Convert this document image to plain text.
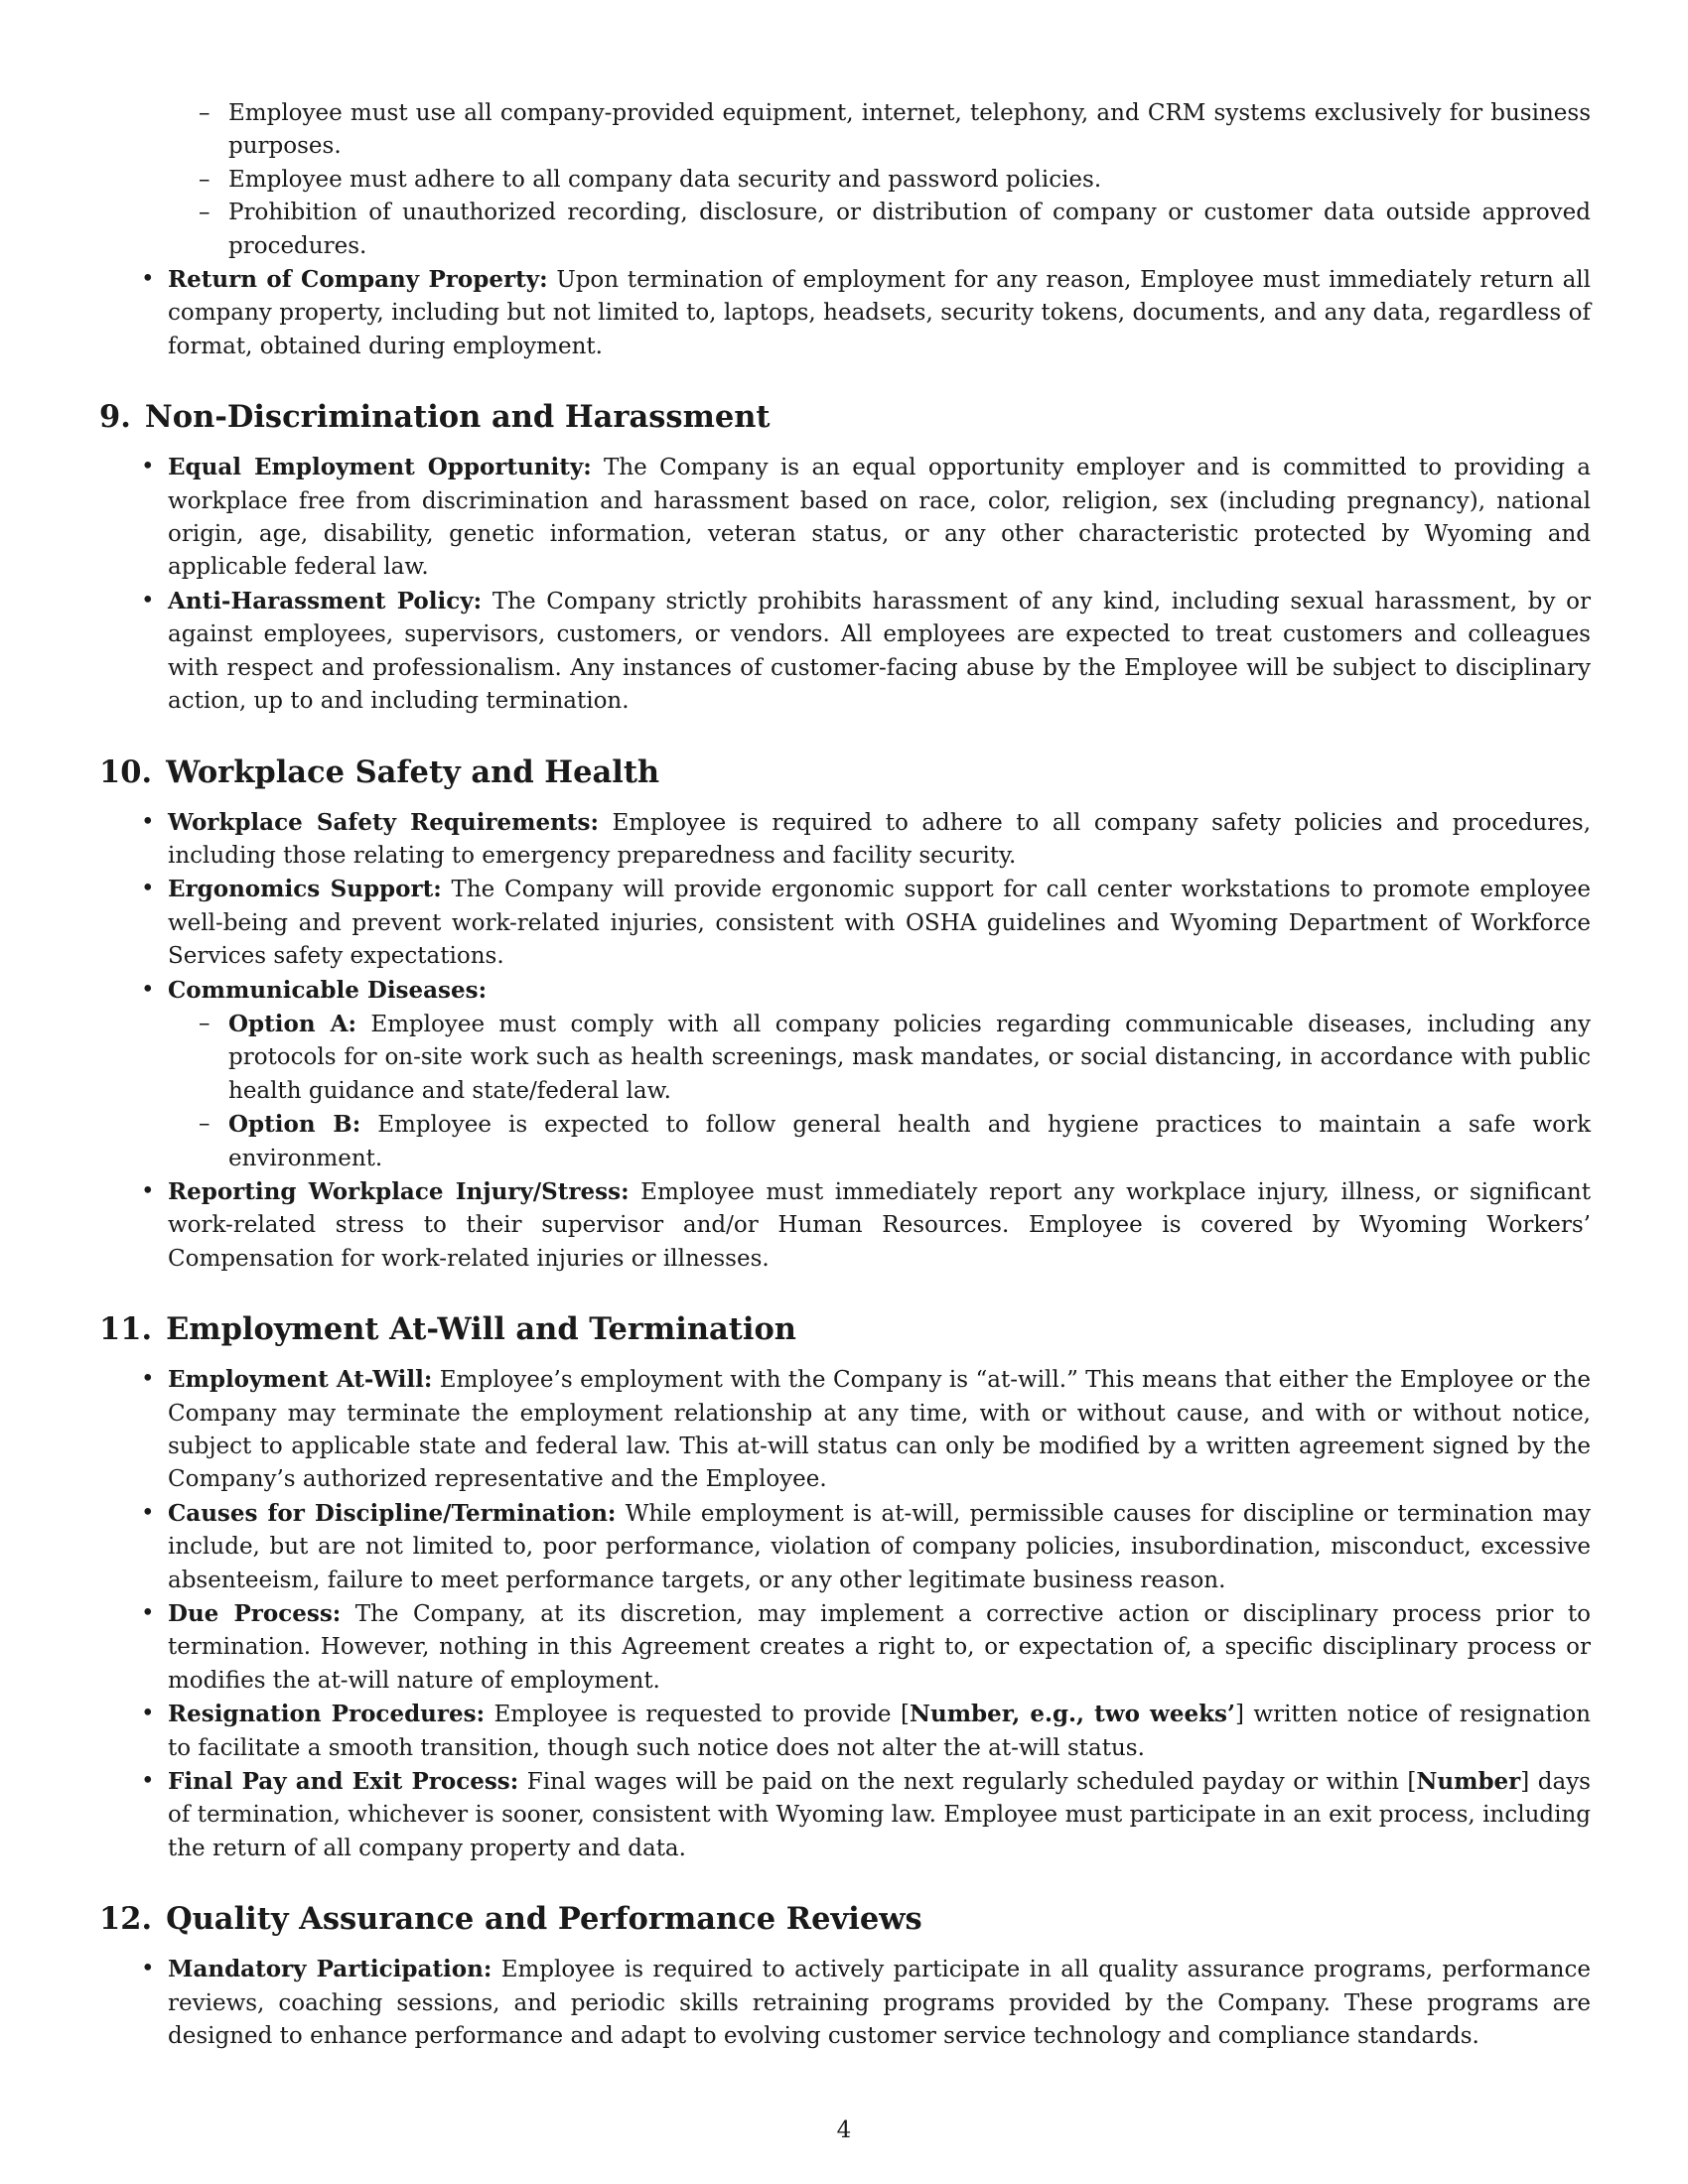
– Employee must use all company-provided equipment, internet, telephony, and CRM systems exclusively for business purposes.
– Employee must adhere to all company data security and password policies.
– Prohibition of unauthorized recording, disclosure, or distribution of company or customer data outside approved procedures.
• Return of Company Property: Upon termination of employment for any reason, Employee must immediately return all company property, including but not limited to, laptops, headsets, security tokens, documents, and any data, regardless of format, obtained during employment.
9. Non-Discrimination and Harassment
• Equal Employment Opportunity: The Company is an equal opportunity employer and is committed to providing a workplace free from discrimination and harassment based on race, color, religion, sex (including pregnancy), national origin, age, disability, genetic information, veteran status, or any other characteristic protected by Wyoming and applicable federal law.
• Anti-Harassment Policy: The Company strictly prohibits harassment of any kind, including sexual harassment, by or against employees, supervisors, customers, or vendors. All employees are expected to treat customers and colleagues with respect and professionalism. Any instances of customer-facing abuse by the Employee will be subject to disciplinary action, up to and including termination.
10. Workplace Safety and Health
• Workplace Safety Requirements: Employee is required to adhere to all company safety policies and procedures, including those relating to emergency preparedness and facility security.
• Ergonomics Support: The Company will provide ergonomic support for call center workstations to promote employee well-being and prevent work-related injuries, consistent with OSHA guidelines and Wyoming Department of Workforce Services safety expectations.
• Communicable Diseases:
– Option A: Employee must comply with all company policies regarding communicable diseases, including any protocols for on-site work such as health screenings, mask mandates, or social distancing, in accordance with public health guidance and state/federal law.
– Option B: Employee is expected to follow general health and hygiene practices to maintain a safe work environment.
• Reporting Workplace Injury/Stress: Employee must immediately report any workplace injury, illness, or significant work-related stress to their supervisor and/or Human Resources. Employee is covered by Wyoming Workers’ Compensation for work-related injuries or illnesses.
11. Employment At-Will and Termination
• Employment At-Will: Employee’s employment with the Company is “at-will.” This means that either the Employee or the Company may terminate the employment relationship at any time, with or without cause, and with or without notice, subject to applicable state and federal law. This at-will status can only be modified by a written agreement signed by the Company’s authorized representative and the Employee.
• Causes for Discipline/Termination: While employment is at-will, permissible causes for discipline or termination may include, but are not limited to, poor performance, violation of company policies, insubordination, misconduct, excessive absenteeism, failure to meet performance targets, or any other legitimate business reason.
• Due Process: The Company, at its discretion, may implement a corrective action or disciplinary process prior to termination. However, nothing in this Agreement creates a right to, or expectation of, a specific disciplinary process or modifies the at-will nature of employment.
• Resignation Procedures: Employee is requested to provide [Number, e.g., two weeks’] written notice of resignation to facilitate a smooth transition, though such notice does not alter the at-will status.
• Final Pay and Exit Process: Final wages will be paid on the next regularly scheduled payday or within [Number] days of termination, whichever is sooner, consistent with Wyoming law. Employee must participate in an exit process, including the return of all company property and data.
12. Quality Assurance and Performance Reviews
• Mandatory Participation: Employee is required to actively participate in all quality assurance programs, performance reviews, coaching sessions, and periodic skills retraining programs provided by the Company. These programs are designed to enhance performance and adapt to evolving customer service technology and compliance standards.
4
